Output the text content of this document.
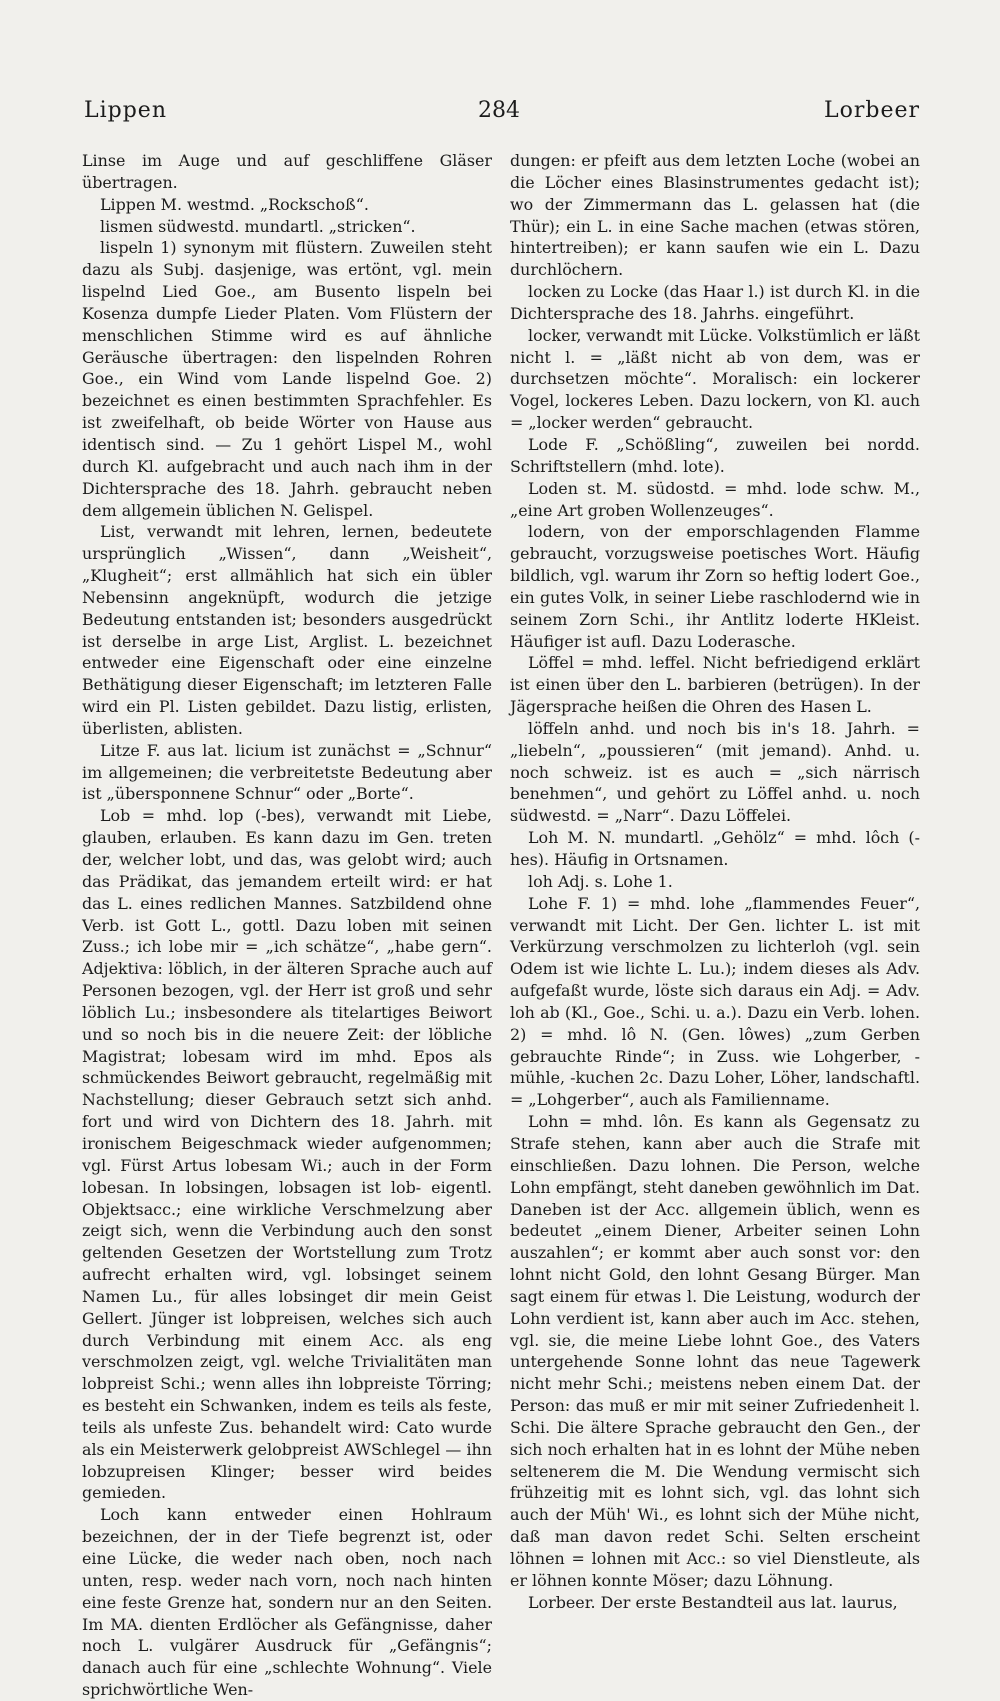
Lippen	284	Lorbeer

Linse im Auge und auf geschliffene Gläser übertragen.

Lippen M. westmd. „Rockschoß“.

lismen südwestd. mundartl. „stricken“.

lispeln 1) synonym mit flüstern. Zuweilen steht dazu als Subj. dasjenige, was ertönt, vgl. mein lispelnd Lied Goe., am Busento lispeln bei Kosenza dumpfe Lieder Platen. Vom Flüstern der menschlichen Stimme wird es auf ähnliche Geräusche übertragen: den lispelnden Rohren Goe., ein Wind vom Lande lispelnd Goe. 2) bezeichnet es einen bestimmten Sprachfehler. Es ist zweifelhaft, ob beide Wörter von Hause aus identisch sind. — Zu 1 gehört Lispel M., wohl durch Kl. aufgebracht und auch nach ihm in der Dichtersprache des 18. Jahrh. gebraucht neben dem allgemein üblichen N. Gelispel.

List, verwandt mit lehren, lernen, bedeutete ursprünglich „Wissen“, dann „Weisheit“, „Klugheit“; erst allmählich hat sich ein übler Nebensinn angeknüpft, wodurch die jetzige Bedeutung entstanden ist; besonders ausgedrückt ist derselbe in arge List, Arglist. L. bezeichnet entweder eine Eigenschaft oder eine einzelne Bethätigung dieser Eigenschaft; im letzteren Falle wird ein Pl. Listen gebildet. Dazu listig, erlisten, überlisten, ablisten.

Litze F. aus lat. licium ist zunächst = „Schnur“ im allgemeinen; die verbreitetste Bedeutung aber ist „übersponnene Schnur“ oder „Borte“.

Lob = mhd. lop (-bes), verwandt mit Liebe, glauben, erlauben. Es kann dazu im Gen. treten der, welcher lobt, und das, was gelobt wird; auch das Prädikat, das jemandem erteilt wird: er hat das L. eines redlichen Mannes. Satzbildend ohne Verb. ist Gott L., gottl. Dazu loben mit seinen Zuss.; ich lobe mir = „ich schätze“, „habe gern“. Adjektiva: löblich, in der älteren Sprache auch auf Personen bezogen, vgl. der Herr ist groß und sehr löblich Lu.; insbesondere als titelartiges Beiwort und so noch bis in die neuere Zeit: der löbliche Magistrat; lobesam wird im mhd. Epos als schmückendes Beiwort gebraucht, regelmäßig mit Nachstellung; dieser Gebrauch setzt sich anhd. fort und wird von Dichtern des 18. Jahrh. mit ironischem Beigeschmack wieder aufgenommen; vgl. Fürst Artus lobesam Wi.; auch in der Form lobesan. In lobsingen, lobsagen ist lob- eigentl. Objektsacc.; eine wirkliche Verschmelzung aber zeigt sich, wenn die Verbindung auch den sonst geltenden Gesetzen der Wortstellung zum Trotz aufrecht erhalten wird, vgl. lobsinget seinem Namen Lu., für alles lobsinget dir mein Geist Gellert. Jünger ist lobpreisen, welches sich auch durch Verbindung mit einem Acc. als eng verschmolzen zeigt, vgl. welche Trivialitäten man lobpreist Schi.; wenn alles ihn lobpreiste Törring; es besteht ein Schwanken, indem es teils als feste, teils als unfeste Zus. behandelt wird: Cato wurde als ein Meisterwerk gelobpreist AWSchlegel — ihn lobzupreisen Klinger; besser wird beides gemieden.

Loch kann entweder einen Hohlraum bezeichnen, der in der Tiefe begrenzt ist, oder eine Lücke, die weder nach oben, noch nach unten, resp. weder nach vorn, noch nach hinten eine feste Grenze hat, sondern nur an den Seiten. Im MA. dienten Erdlöcher als Gefängnisse, daher noch L. vulgärer Ausdruck für „Gefängnis“; danach auch für eine „schlechte Wohnung“. Viele sprichwörtliche Wen-

dungen: er pfeift aus dem letzten Loche (wobei an die Löcher eines Blasinstrumentes gedacht ist); wo der Zimmermann das L. gelassen hat (die Thür); ein L. in eine Sache machen (etwas stören, hintertreiben); er kann saufen wie ein L. Dazu durchlöchern.

locken zu Locke (das Haar l.) ist durch Kl. in die Dichtersprache des 18. Jahrhs. eingeführt.

locker, verwandt mit Lücke. Volkstümlich er läßt nicht l. = „läßt nicht ab von dem, was er durchsetzen möchte“. Moralisch: ein lockerer Vogel, lockeres Leben. Dazu lockern, von Kl. auch = „locker werden“ gebraucht.

Lode F. „Schößling“, zuweilen bei nordd. Schriftstellern (mhd. lote).

Loden st. M. südostd. = mhd. lode schw. M., „eine Art groben Wollenzeuges“.

lodern, von der emporschlagenden Flamme gebraucht, vorzugsweise poetisches Wort. Häufig bildlich, vgl. warum ihr Zorn so heftig lodert Goe., ein gutes Volk, in seiner Liebe raschlodernd wie in seinem Zorn Schi., ihr Antlitz loderte HKleist. Häufiger ist aufl. Dazu Loderasche.

Löffel = mhd. leffel. Nicht befriedigend erklärt ist einen über den L. barbieren (betrügen). In der Jägersprache heißen die Ohren des Hasen L.

löffeln anhd. und noch bis in's 18. Jahrh. = „liebeln“, „poussieren“ (mit jemand). Anhd. u. noch schweiz. ist es auch = „sich närrisch benehmen“, und gehört zu Löffel anhd. u. noch südwestd. = „Narr“. Dazu Löffelei.

Loh M. N. mundartl. „Gehölz“ = mhd. lôch (-hes). Häufig in Ortsnamen.

loh Adj. s. Lohe 1.

Lohe F. 1) = mhd. lohe „flammendes Feuer“, verwandt mit Licht. Der Gen. lichter L. ist mit Verkürzung verschmolzen zu lichterloh (vgl. sein Odem ist wie lichte L. Lu.); indem dieses als Adv. aufgefaßt wurde, löste sich daraus ein Adj. = Adv. loh ab (Kl., Goe., Schi. u. a.). Dazu ein Verb. lohen. 2) = mhd. lô N. (Gen. lôwes) „zum Gerben gebrauchte Rinde“; in Zuss. wie Lohgerber, -mühle, -kuchen 2c. Dazu Loher, Löher, landschaftl. = „Lohgerber“, auch als Familienname.

Lohn = mhd. lôn. Es kann als Gegensatz zu Strafe stehen, kann aber auch die Strafe mit einschließen. Dazu lohnen. Die Person, welche Lohn empfängt, steht daneben gewöhnlich im Dat. Daneben ist der Acc. allgemein üblich, wenn es bedeutet „einem Diener, Arbeiter seinen Lohn auszahlen“; er kommt aber auch sonst vor: den lohnt nicht Gold, den lohnt Gesang Bürger. Man sagt einem für etwas l. Die Leistung, wodurch der Lohn verdient ist, kann aber auch im Acc. stehen, vgl. sie, die meine Liebe lohnt Goe., des Vaters untergehende Sonne lohnt das neue Tagewerk nicht mehr Schi.; meistens neben einem Dat. der Person: das muß er mir mit seiner Zufriedenheit l. Schi. Die ältere Sprache gebraucht den Gen., der sich noch erhalten hat in es lohnt der Mühe neben seltenerem die M. Die Wendung vermischt sich frühzeitig mit es lohnt sich, vgl. das lohnt sich auch der Müh' Wi., es lohnt sich der Mühe nicht, daß man davon redet Schi. Selten erscheint löhnen = lohnen mit Acc.: so viel Dienstleute, als er löhnen konnte Möser; dazu Löhnung.

Lorbeer. Der erste Bestandteil aus lat. laurus,
